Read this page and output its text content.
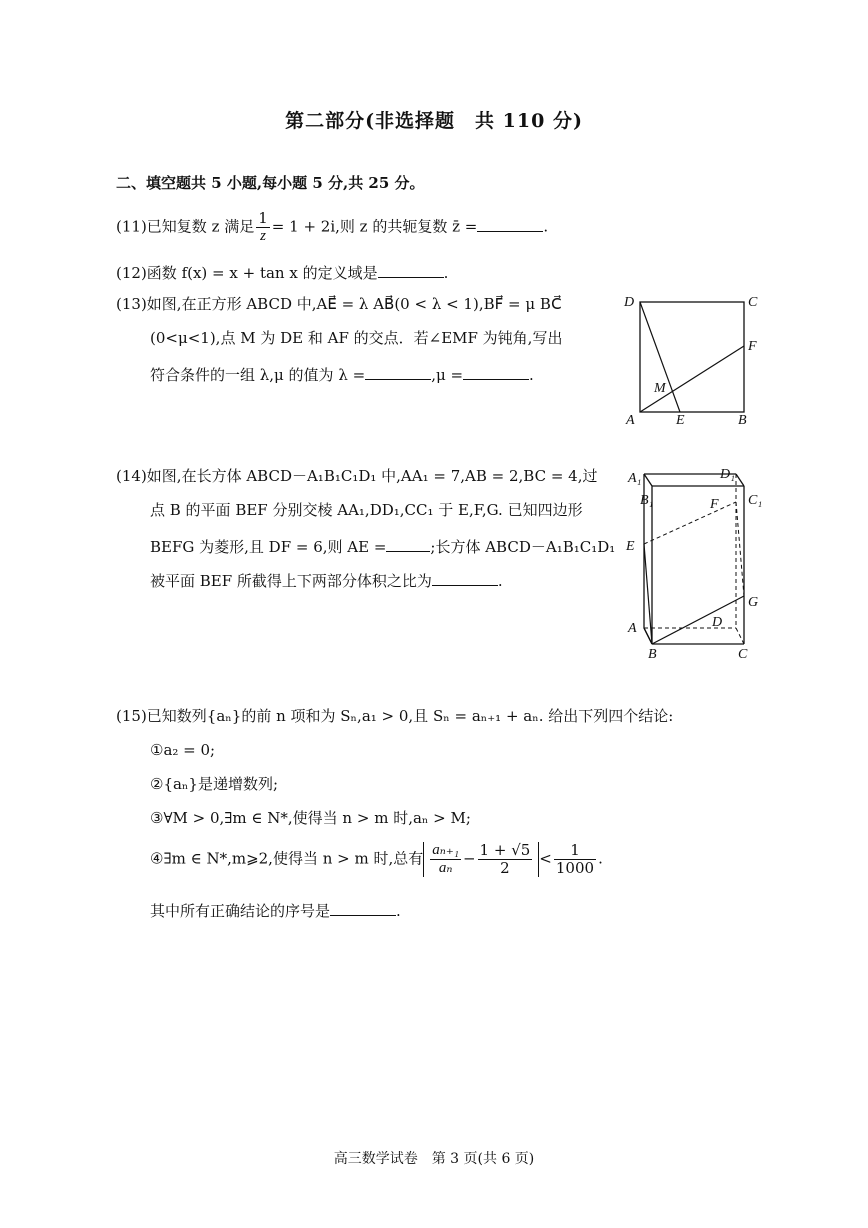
第二部分(非选择题　共 110 分)
二、填空题共 5 小题,每小题 5 分,共 25 分。
(11)已知复数 z 满足 $\frac{1}{z} = 1 + 2i$,则 z 的共轭复数 z̄ =	.
(12)函数 f(x) = x + tan x 的定义域是	.
(13)如图,在正方形 ABCD 中,AE⃗ = λ AB⃗(0 < λ < 1),BF⃗ = μ BC⃗
(0<μ<1),点 M 为 DE 和 AF 的交点．若∠EMF 为钝角,写出
符合条件的一组 λ,μ 的值为 λ =	,μ =	.
D	C
F
M
A	E	B
(14)如图,在长方体 ABCD－A₁B₁C₁D₁ 中,AA₁ = 7,AB = 2,BC = 4,过
点 B 的平面 BEF 分别交棱 AA₁,DD₁,CC₁ 于 E,F,G. 已知四边形
BEFG 为菱形,且 DF = 6,则 AE =	;长方体 ABCD－A₁B₁C₁D₁
被平面 BEF 所截得上下两部分体积之比为	.
A₁	D₁
B₁	C₁
F
E
G
D
A
B	C
(15)已知数列{aₙ}的前 n 项和为 Sₙ,a₁ > 0,且 Sₙ = aₙ₊₁ + aₙ. 给出下列四个结论:
①a₂ = 0;
②{aₙ}是递增数列;
③∀M > 0,∃m ∈ N*,使得当 n > m 时,aₙ > M;
④∃m ∈ N*,m⩾2,使得当 n > m 时,总有 $\frac{\text{aₙ₊₁}}{\text{aₙ}} - \frac{1 + √5}{2} < \frac{1}{1000}$ .
其中所有正确结论的序号是	.
高三数学试卷　第 3 页(共 6 页)
